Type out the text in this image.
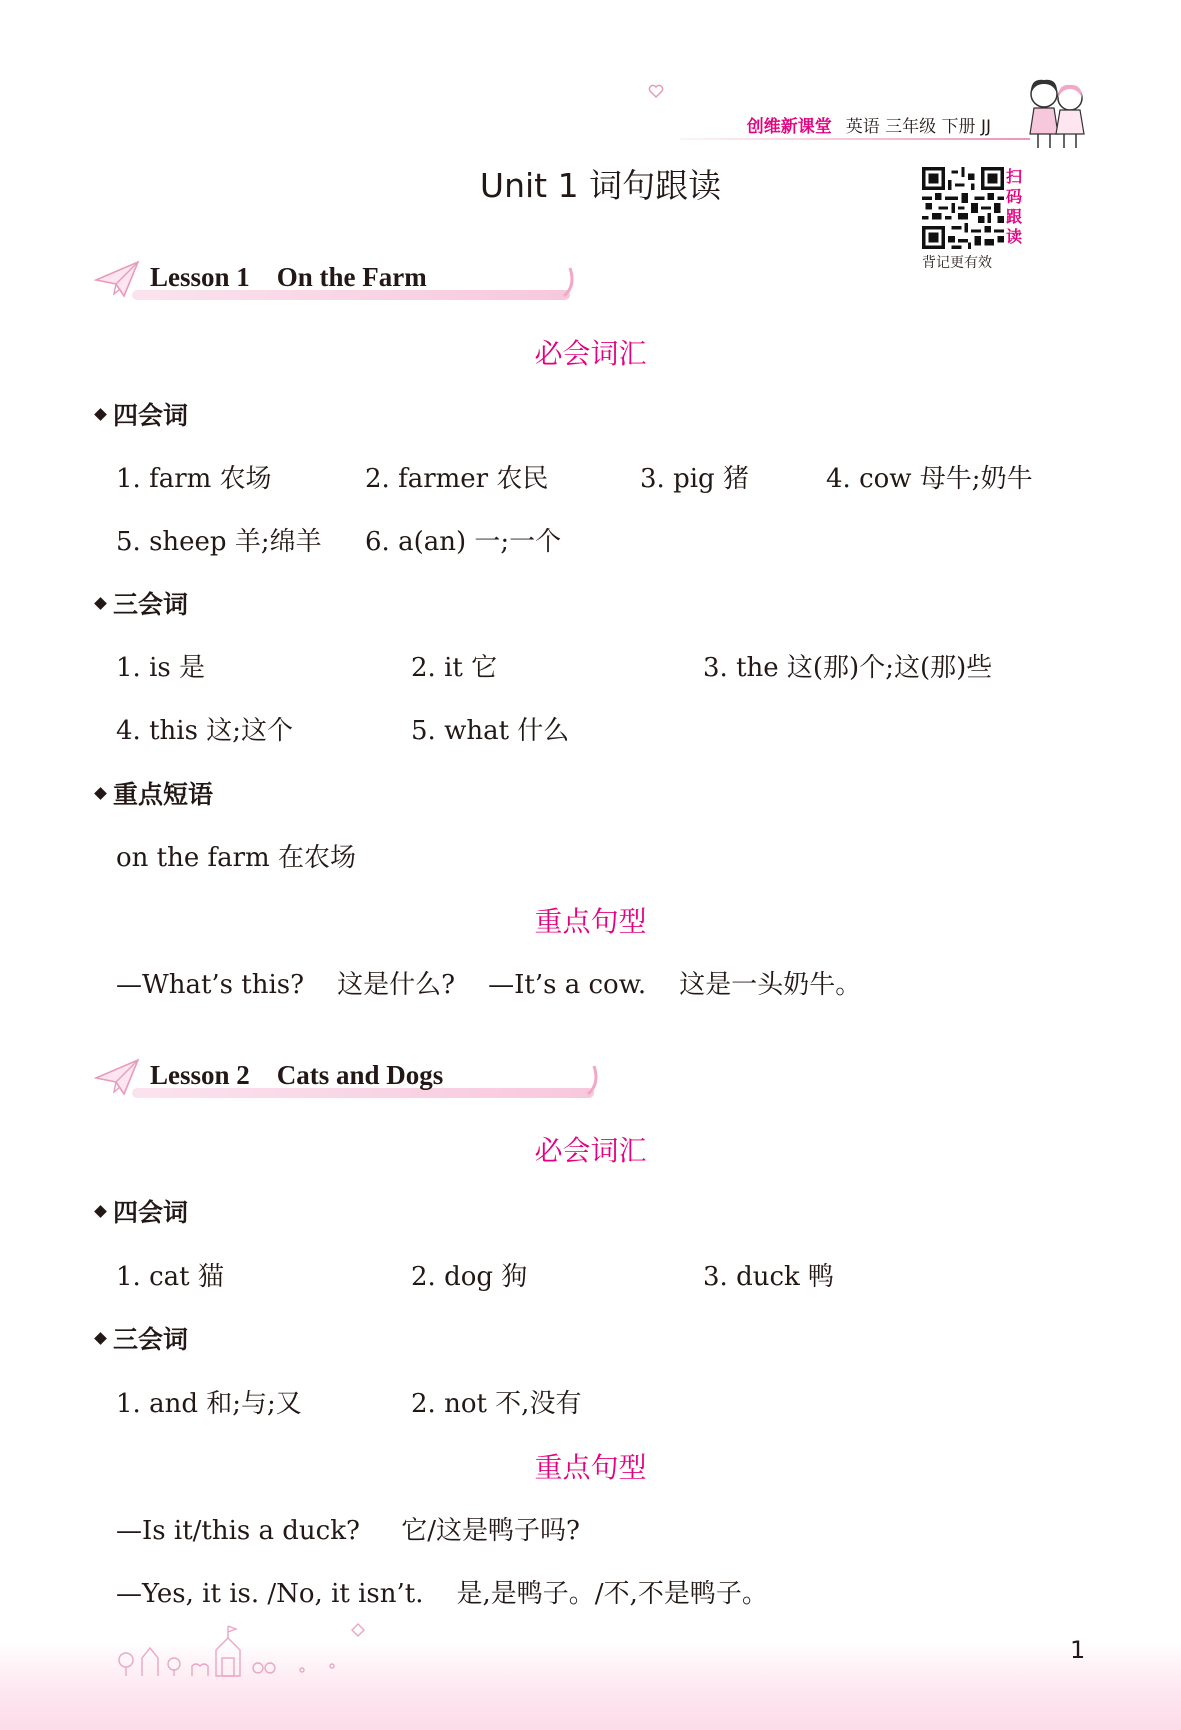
创维新课堂 英语 三年级 下册 JJ
Unit 1 词句跟读	扫
码
跟
读
背记更有效
Lesson 1    On the Farm
必会词汇
四会词
1. farm 农场	2. farmer 农民	3. pig 猪	4. cow 母牛;奶牛
5. sheep 羊;绵羊 6. a(an) 一;一个
三会词
1. is 是	2. it 它	3. the 这(那)个;这(那)些
4. this 这;这个	5. what 什么
重点短语
on the farm 在农场
重点句型
—What’s this?    这是什么?    —It’s a cow.    这是一头奶牛。
Lesson 2    Cats and Dogs
必会词汇
四会词
1. cat 猫	2. dog 狗	3. duck 鸭
三会词
1. and 和;与;又	2. not 不,没有
重点句型
—Is it/this a duck?     它/这是鸭子吗?
—Yes, it is. /No, it isn’t.    是,是鸭子。/不,不是鸭子。
1
